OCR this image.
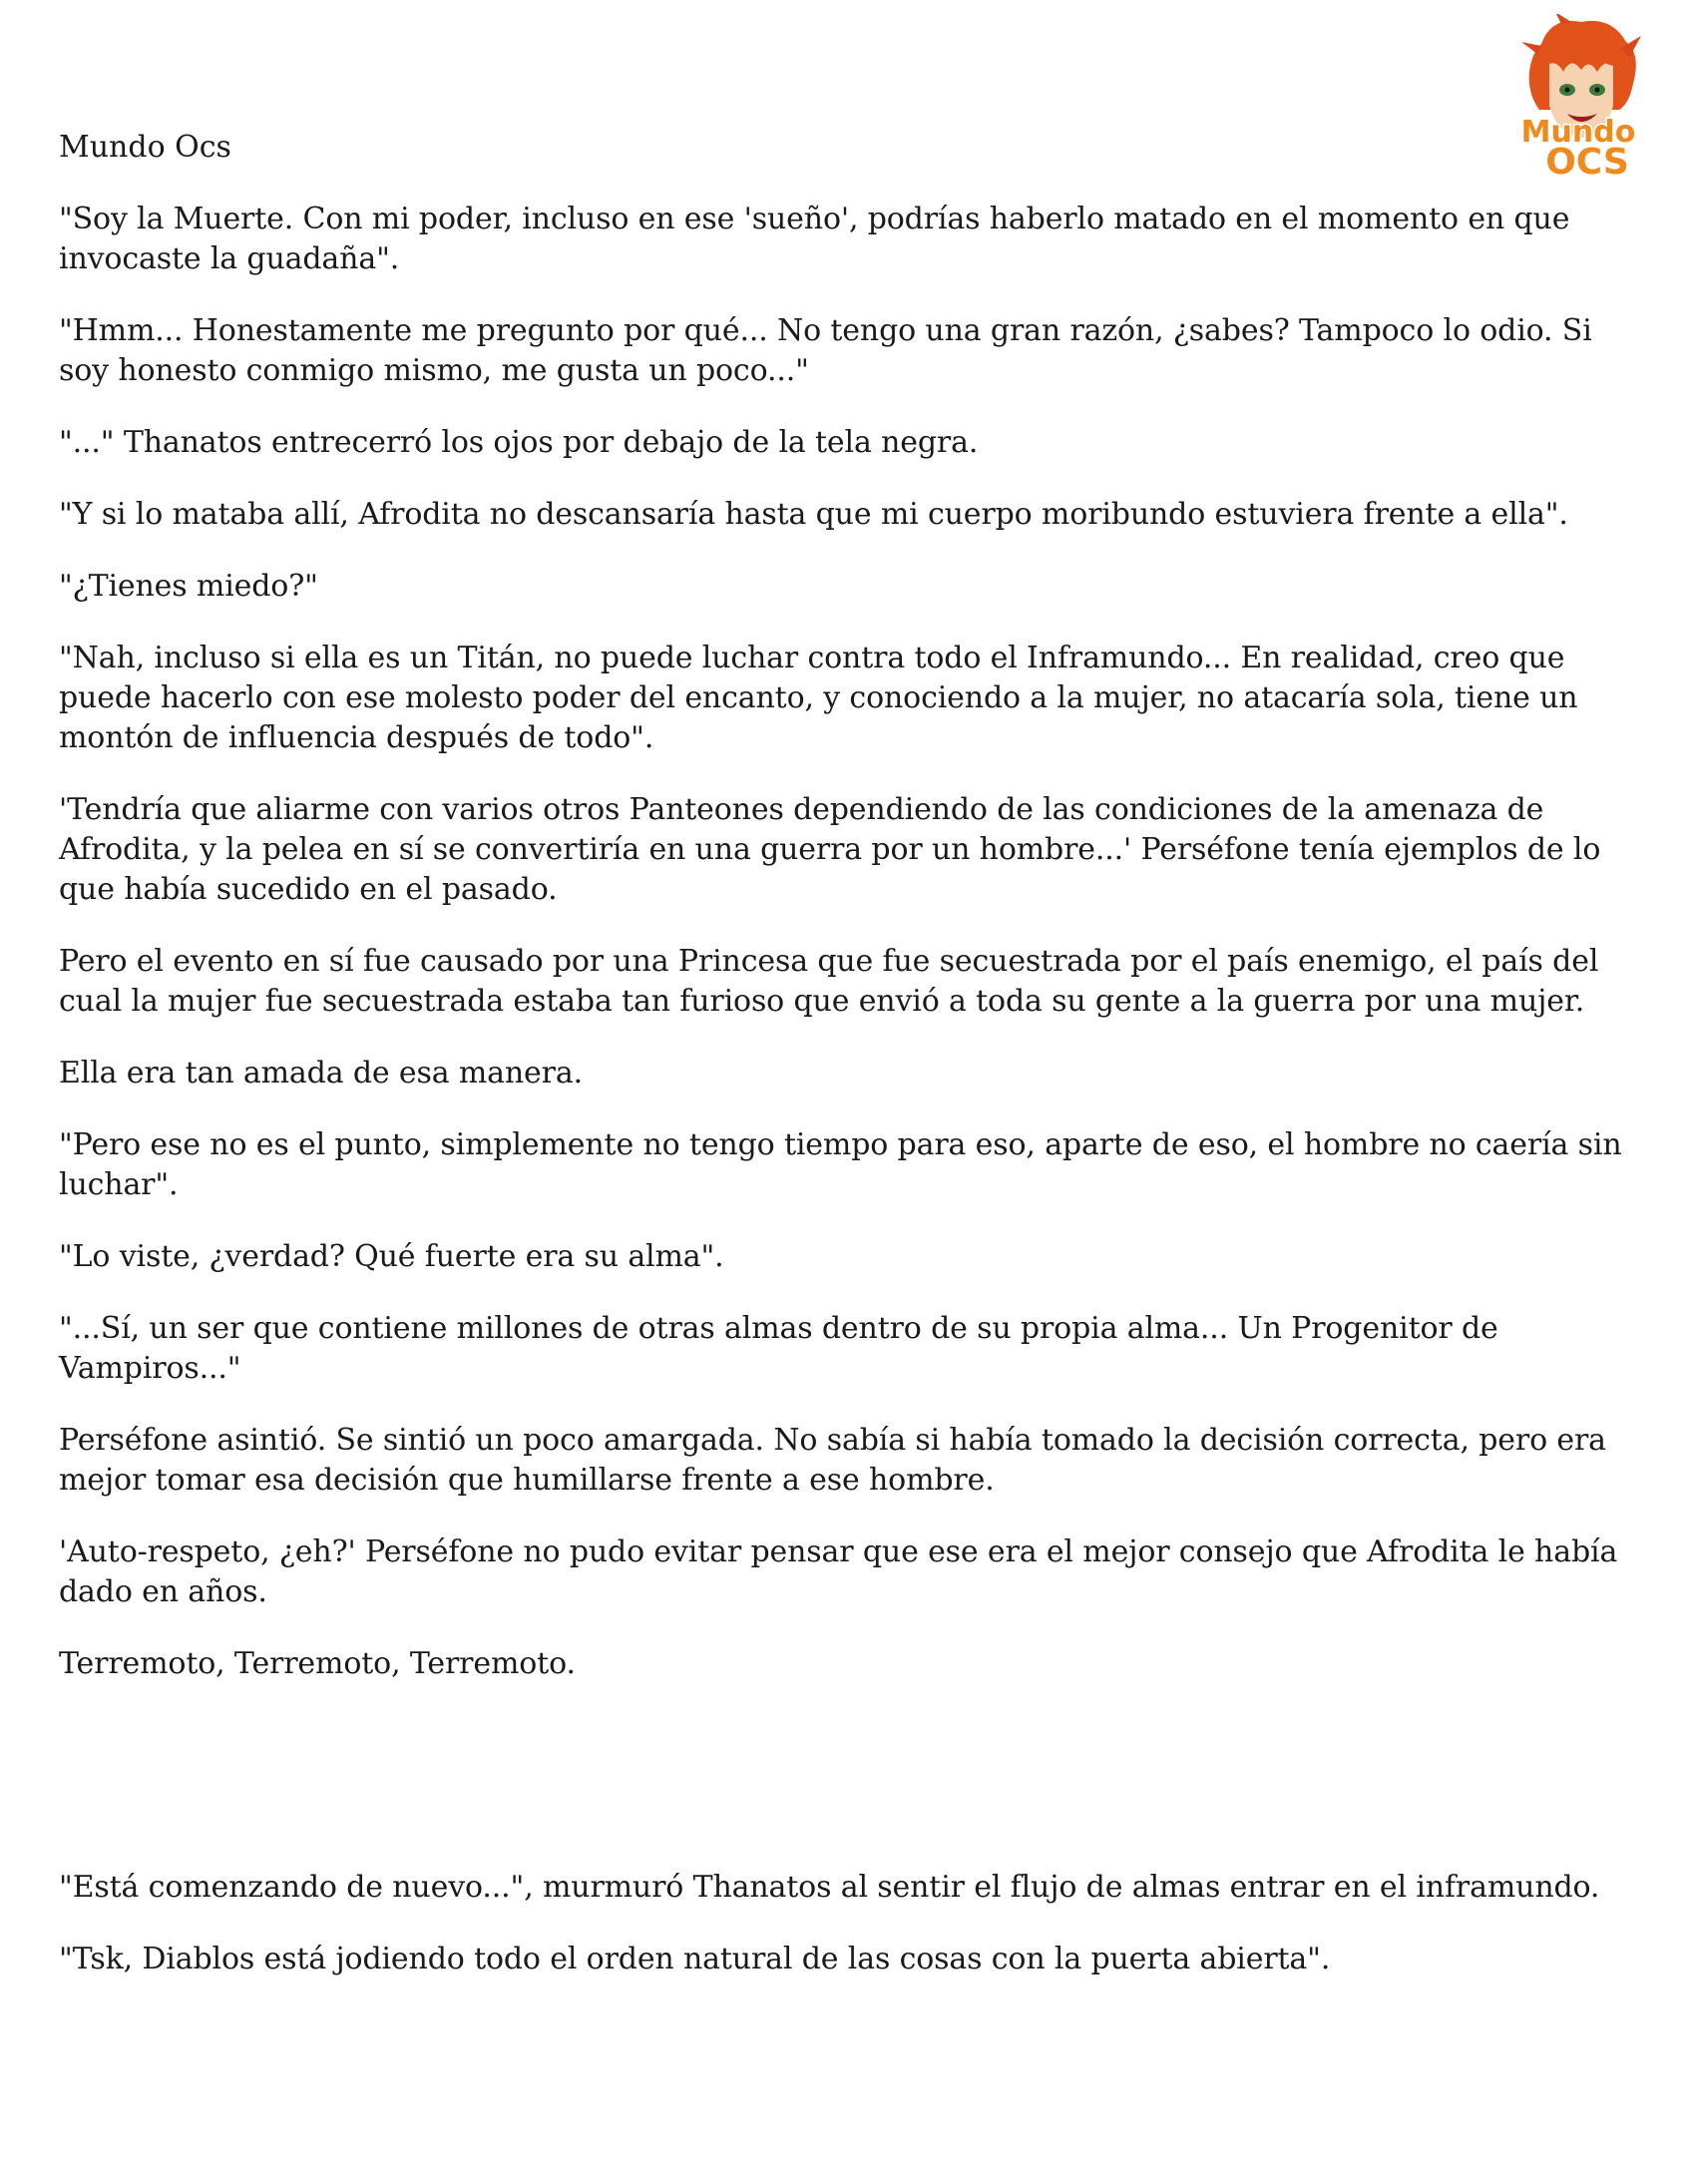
Mundo
OCS
Mundo Ocs

"Soy la Muerte. Con mi poder, incluso en ese 'sueño', podrías haberlo matado en el momento en que invocaste la guadaña".

"Hmm... Honestamente me pregunto por qué... No tengo una gran razón, ¿sabes? Tampoco lo odio. Si soy honesto conmigo mismo, me gusta un poco..."

"..." Thanatos entrecerró los ojos por debajo de la tela negra.

"Y si lo mataba allí, Afrodita no descansaría hasta que mi cuerpo moribundo estuviera frente a ella".

"¿Tienes miedo?"

"Nah, incluso si ella es un Titán, no puede luchar contra todo el Inframundo... En realidad, creo que puede hacerlo con ese molesto poder del encanto, y conociendo a la mujer, no atacaría sola, tiene un montón de influencia después de todo".

'Tendría que aliarme con varios otros Panteones dependiendo de las condiciones de la amenaza de Afrodita, y la pelea en sí se convertiría en una guerra por un hombre...' Perséfone tenía ejemplos de lo que había sucedido en el pasado.

Pero el evento en sí fue causado por una Princesa que fue secuestrada por el país enemigo, el país del cual la mujer fue secuestrada estaba tan furioso que envió a toda su gente a la guerra por una mujer.

Ella era tan amada de esa manera.

"Pero ese no es el punto, simplemente no tengo tiempo para eso, aparte de eso, el hombre no caería sin luchar".

"Lo viste, ¿verdad? Qué fuerte era su alma".

"...Sí, un ser que contiene millones de otras almas dentro de su propia alma... Un Progenitor de Vampiros..."

Perséfone asintió. Se sintió un poco amargada. No sabía si había tomado la decisión correcta, pero era mejor tomar esa decisión que humillarse frente a ese hombre.

'Auto-respeto, ¿eh?' Perséfone no pudo evitar pensar que ese era el mejor consejo que Afrodita le había dado en años.

Terremoto, Terremoto, Terremoto.

"Está comenzando de nuevo...", murmuró Thanatos al sentir el flujo de almas entrar en el inframundo.

"Tsk, Diablos está jodiendo todo el orden natural de las cosas con la puerta abierta".
